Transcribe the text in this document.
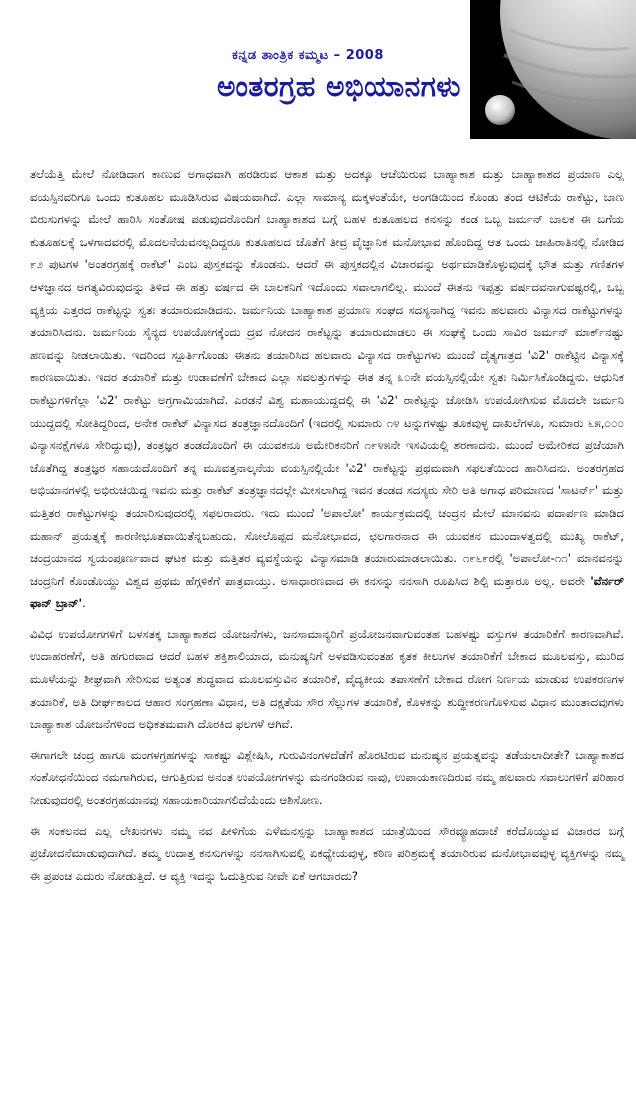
ಕನ್ನಡ ತಾಂತ್ರಿಕ ಕಮ್ಮಟ – 2008
ಅಂತರಗ್ರಹ ಅಭಿಯಾನಗಳು

ತಲೆಯೆತ್ತಿ ಮೇಲೆ ನೋಡಿದಾಗ ಕಾಣುವ ಅಗಾಧವಾಗಿ ಹರಡಿರುವ ಆಕಾಶ ಮತ್ತು ಅದಕ್ಕೂ ಆಚೆಯಿರುವ ಬಾಹ್ಯಾಕಾಶ ಮತ್ತು ಬಾಹ್ಯಾಕಾಶದ ಪ್ರಯಾಣ ಎಲ್ಲ ವಯಸ್ಸಿನವರಿಗೂ ಒಂದು ಕುತೂಹಲ ಮೂಡಿಸಿರುವ ವಿಷಯವಾಗಿದೆ. ಎಲ್ಲಾ ಸಾಮಾನ್ಯ ಮಕ್ಕಳಂತೆಯೇ, ಅಂಗಡಿಯಿಂದ ಕೊಂಡು ತಂದ ಆಟಿಕೆಯ ರಾಕೆಟ್ಟು, ಬಾಣ ಬಿರುಸುಗಳನ್ನು ಮೇಲೆ ಹಾರಿಸಿ ಸಂತೋಷ ಪಡುವುದರೊಂದಿಗೆ ಬಾಹ್ಯಾಕಾಶದ ಬಗ್ಗೆ ಬಹಳ ಕುತೂಹಲದ ಕನಸನ್ನು ಕಂಡ ಒಬ್ಬ ಜರ್ಮನ್ ಬಾಲಕ ಈ ಬಗೆಯ ಕುತೂಹಲಕ್ಕೆ ಒಳಗಾದವರಲ್ಲಿ ಮೊದಲನೆಯವನಲ್ಲದಿದ್ದರೂ ಕುತೂಹಲದ ಜೊತೆಗೆ ತೀವ್ರ ವೈಜ್ಞಾನಿಕ ಮನೋಭಾವ ಹೊಂದಿದ್ದ ಆತ ಒಂದು ಜಾಹಿರಾತಿನಲ್ಲಿ ನೋಡಿದ ೯೨ ಪುಟಗಳ 'ಅಂತರಗ್ರಹಕ್ಕೆ ರಾಕೆಟ್' ಎಂಬ ಪುಸ್ತಕವನ್ನು ಕೊಂಡನು. ಆದರೆ ಈ ಪುಸ್ತಕದಲ್ಲಿನ ವಿಚಾರವನ್ನು ಅರ್ಥಮಾಡಿಕೊಳ್ಳುವುದಕ್ಕೆ ಭೌತ ಮತ್ತು ಗಣಿತಗಳ ಆಳಜ್ಞಾನದ ಅಗತ್ಯವಿರುವುದನ್ನು ತಿಳಿದ ಈ ಹತ್ತು ವರ್ಷದ ಈ ಬಾಲಕನಿಗೆ ಇದೊಂದು ಸವಾಲಾಗಲಿಲ್ಲ. ಮುಂದೆ ಈತನು ಇಪ್ಪತ್ತು ವರ್ಷದವನಾಗುವಷ್ಟರಲ್ಲಿ, ಒಬ್ಬ ವ್ಯಕ್ತಿಯ ಎತ್ತರದ ರಾಕೆಟ್ಟನ್ನು ಸ್ವತಃ ತಯಾರುಮಾಡಿದನು. ಜರ್ಮನಿಯ ಬಾಹ್ಯಾಕಾಶ ಪ್ರಯಾಣ ಸಂಘದ ಸದಸ್ಯನಾಗಿದ್ದ ಇವನು ಹಲವಾರು ವಿನ್ಯಾಸದ ರಾಕೆಟ್ಟುಗಳನ್ನು ತಯಾರಿಸಿದನು. ಜರ್ಮನಿಯ ಸೈನ್ಯದ ಉಪಯೋಗಕ್ಕೆಂದು ದ್ರವ ನೋದನ ರಾಕೆಟ್ಟನ್ನು ತಯಾರುಮಾಡಲು ಈ ಸಂಘಕ್ಕೆ ಒಂದು ಸಾವಿರ ಜರ್ಮನ್ ಮಾರ್ಕ್‌ನಷ್ಟು ಹಣವನ್ನು ನೀಡಲಾಯಿತು. ಇದರಿಂದ ಸ್ಪೂರ್ತಿಗೊಂಡು ಈತನು ತಯಾರಿಸಿದ ಹಲವಾರು ವಿನ್ಯಾಸದ ರಾಕೆಟ್ಟುಗಳು ಮುಂದೆ ದೈತ್ಯಗಾತ್ರದ 'ವಿ2' ರಾಕೆಟ್ಟಿನ ವಿನ್ಯಾಸಕ್ಕೆ ಕಾರಣವಾಯಿತು. ಇದರ ತಯಾರಿಕೆ ಮತ್ತು ಉಡಾವಣೆಗೆ ಬೇಕಾದ ಎಲ್ಲಾ ಸವಲತ್ತುಗಳನ್ನು ಈತ ತನ್ನ ೩೦ನೇ ವಯಸ್ಸಿನಲ್ಲಿಯೇ ಸ್ವತಃ ನಿರ್ಮಿಸಿಕೊಂಡಿದ್ದನು. ಆಧುನಿಕ ರಾಕೆಟ್ಟುಗಳಿಗೆಲ್ಲಾ 'ವಿ2' ರಾಕೆಟ್ಟು ಅಗ್ರಗಾಮಿಯಾಗಿದೆ. ಎರಡನೆ ವಿಶ್ವ ಮಹಾಯುದ್ದದಲ್ಲಿ ಈ 'ವಿ2' ರಾಕೆಟ್ಟನ್ನು ಜೋಡಿಸಿ ಉಪಯೋಗಿಸುವ ಮೊದಲೇ ಜರ್ಮನಿ ಯುದ್ದದಲ್ಲಿ ಸೋತಿದ್ದರಿಂದ, ಅನೇಕ ರಾಕೆಟ್ ವಿನ್ಯಾಸದ ತಂತ್ರಜ್ಞಾನದೊಂದಿಗೆ (ಇದರಲ್ಲಿ ಸುಮಾರು ೧೪ ಟನ್ನುಗಳಷ್ಟು ತೂಕವುಳ್ಳ ದಾಖಲೆಗಳೂ, ಸುಮಾರು ೬೫,೦೦೦ ವಿನ್ಯಾಸನಕ್ಷೆಗಳೂ ಸೇರಿದ್ದುವು), ತಂತ್ರಜ್ಞರ ತಂಡದೊಂದಿಗೆ ಈ ಯುವಕನೂ ಅಮೇರಿಕನರಿಗೆ ೧೯೪೫ನೇ ಇಸವಿಯಲ್ಲಿ ಶರಣಾದನು. ಮುಂದೆ ಅಮೇರಿಕದ ಪ್ರಜೆಯಾಗಿ ಜೊತೆಗಿದ್ದ ತಂತ್ರಜ್ಞರ ಸಹಾಯದೊಂದಿಗೆ ತನ್ನ ಮೂವತ್ತನಾಲ್ಕನೆಯ ವಯಸ್ಸಿನಲ್ಲಿಯೇ 'ವಿ2' ರಾಕೆಟ್ಟನ್ನು ಪ್ರಥಮವಾಗಿ ಸಫಲತೆಯಿಂದ ಹಾರಿಸಿದನು. ಅಂತರಗ್ರಹದ ಅಭಿಯಾನಗಳಲ್ಲಿ ಅಭಿರುಚಿಯಿದ್ದ ಇವನು ಮತ್ತು ರಾಕೆಟ್ ತಂತ್ರಜ್ಞಾನದಲ್ಲೇ ಮೀಸಲಾಗಿದ್ದ ಇವನ ತಂಡದ ಸದಸ್ಯರು ಸೇರಿ ಅತಿ ಅಗಾಧ ಪರಿಮಾಣದ 'ಸಾಟರ್ನ್' ಮತ್ತು ಮತ್ತಿತರ ರಾಕೆಟ್ಟುಗಳನ್ನು ತಯಾರಿಸುವುದರಲ್ಲಿ ಸಫಲರಾದರು. ಇದು ಮುಂದೆ 'ಅಪಾಲೋ' ಕಾರ್ಯಕ್ರಮದಲ್ಲಿ ಚಂದ್ರನ ಮೇಲೆ ಮಾನವನು ಪದಾರ್ಪಣ ಮಾಡಿದ ಮಹಾನ್ ಪ್ರಯತ್ನಕ್ಕೆ ಕಾರಣೀಭೂತವಾಯಿತೆನ್ನಬಹುದು. ಸೋಲೊಪ್ಪದ ಮನೋಭಾವದ, ಛಲಗಾರನಾದ ಈ ಯುವಕನ ಮುಂದಾಳತ್ವದಲ್ಲಿ ಮುಖ್ಯ ರಾಕೆಟ್, ಚಂದ್ರಯಾನದ ಸ್ವಯಂಪೂರ್ಣವಾದ ಘಟಕ ಮತ್ತು ಮತ್ತಿತರ ವ್ಯವಸ್ಥೆಯನ್ನು ವಿನ್ಯಾಸಮಾಡಿ ತಯಾರುಮಾಡಲಾಯಿತು. ೧೯೬೯ರಲ್ಲಿ 'ಅಪಾಲೋ-೧೧' ಮಾನವನನ್ನು ಚಂದ್ರನಿಗೆ ಕೊಂಡೊಯ್ದು ವಿಶ್ವದ ಪ್ರಥಮ ಹೆಗ್ಗಳಿಕೆಗೆ ಪಾತ್ರವಾಯ್ತು. ಅಸಾಧಾರಣವಾದ ಈ ಕನಸನ್ನು ನನಸಾಗಿ ರೂಪಿಸಿದ ಶಿಲ್ಪಿ ಮತ್ತಾರೂ ಅಲ್ಲ. ಅವರೇ 'ವೆರ್ನರ್ ಫಾನ್ ಬ್ರಾನ್'.

ವಿವಿಧ ಉಪಯೋಗಗಳಿಗೆ ಬಳಸತಕ್ಕ ಬಾಹ್ಯಾಕಾಶದ ಯೋಜನೆಗಳು, ಜನಸಾಮಾನ್ಯರಿಗೆ ಪ್ರಯೋಜನವಾಗುವಂತಹ ಬಹಳಷ್ಟು ವಸ್ತುಗಳ ತಯಾರಿಕೆಗೆ ಕಾರಣವಾಗಿವೆ. ಉದಾಹರಣೆಗೆ, ಅತಿ ಹಗುರವಾದ ಆದರೆ ಬಹಳ ಶಕ್ತಿಶಾಲಿಯಾದ, ಮನುಷ್ಯನಿಗೆ ಅಳವಡಿಸುವಂತಹ ಕೃತಕ ಕೀಲುಗಳ ತಯಾರಿಕೆಗೆ ಬೇಕಾದ ಮೂಲವಸ್ತು, ಮುರಿದ ಮೂಳೆಯನ್ನು ಶೀಘ್ರವಾಗಿ ಸೇರಿಸುವ ಅತ್ಯಂತ ಶುದ್ಧವಾದ ಮೂಲವಸ್ತುವಿನ ತಯಾರಿಕೆ, ವೈದ್ಯಕೀಯ ತಪಾಸಣೆಗೆ ಬೇಕಾದ ರೋಗ ನಿರ್ಣಯ ಮಾಡುವ ಉಪಕರಣಗಳ ತಯಾರಿಕೆ, ಅತಿ ದೀರ್ಘಕಾಲದ ಆಹಾರ ಸಂಗ್ರಹಣಾ ವಿಧಾನ, ಅತಿ ದಕ್ಷತೆಯ ಸೌರ ಸೆಲ್ಲುಗಳ ತಯಾರಿಕೆ, ಕೊಳಕನ್ನು ಶುದ್ಧೀಕರಣಗೊಳಿಸುವ ವಿಧಾನ ಮುಂತಾದವುಗಳು ಬಾಹ್ಯಾಕಾಶ ಯೋಜನೆಗಳಿಂದ ಅಧಿಕತಮವಾಗಿ ದೊರಕಿದ ಫಲಗಳೆ ಆಗಿವೆ.

ಈಗಾಗಲೇ ಚಂದ್ರ ಹಾಗೂ ಮಂಗಳಗ್ರಹಗಳನ್ನು ಸಾಕಷ್ಟು ವಿಶ್ಲೇಷಿಸಿ, ಗುರುವಿನಂಗಳದೆಡೆಗೆ ಹೊರಟಿರುವ ಮನುಷ್ಯನ ಪ್ರಯತ್ನವನ್ನು ತಡೆಯಲಾದೀತೇ? ಬಾಹ್ಯಾಕಾಶದ ಸಂಶೋಧನೆಯಿಂದ ನಮಗಾಗಿರುವ, ಆಗುತ್ತಿರುವ ಅನಂತ ಉಪಯೋಗಗಳನ್ನು ಮನಗಂಡಿರುವ ನಾವು, ಉಪಾಯಕಾಣದಿರುವ ನಮ್ಮ ಹಲವಾರು ಸವಾಲುಗಳಿಗೆ ಪರಿಹಾರ ನೀಡುವುದರಲ್ಲಿ ಅಂತರಗ್ರಹಯಾನವು ಸಹಾಯಕಾರಿಯಾಗಲಿದೆಯೆಂದು ಆಶಿಸೋಣ.

ಈ ಸಂಕಲನದ ಎಲ್ಲ ಲೇಖನಗಳು ನಮ್ಮ ನವ ಪೀಳಿಗೆಯ ಎಳೆಮನಸ್ಸನ್ನು ಬಾಹ್ಯಾಕಾಶದ ಯಾತ್ರೆಯಿಂದ ಸೌರವ್ಯೂಹದಾಚೆ ಕರೆದೊಯ್ಯುವ ವಿಚಾರದ ಬಗ್ಗೆ ಪ್ರಚೋದನೆಮಾಡುವುದಾಗಿದೆ. ತಮ್ಮ ಉದಾತ್ತ ಕನಸುಗಳನ್ನು ನನಸಾಗಿಸುವಲ್ಲಿ ಏಕಧ್ಯೇಯವುಳ್ಳ, ಕಠಿಣ ಪರಿಶ್ರಮಕ್ಕೆ ತಯಾರಿರುವ ಮನೋಭಾವವುಳ್ಳ ವ್ಯಕ್ತಿಗಳನ್ನು ನಮ್ಮ ಈ ಪ್ರಪಂಚ ಎದುರು ನೋಡುತ್ತಿದೆ. ಆ ವ್ಯಕ್ತಿ ಇದನ್ನು ಓದುತ್ತಿರುವ ನೀವೇ ಏಕೆ ಆಗಬಾರದು?
